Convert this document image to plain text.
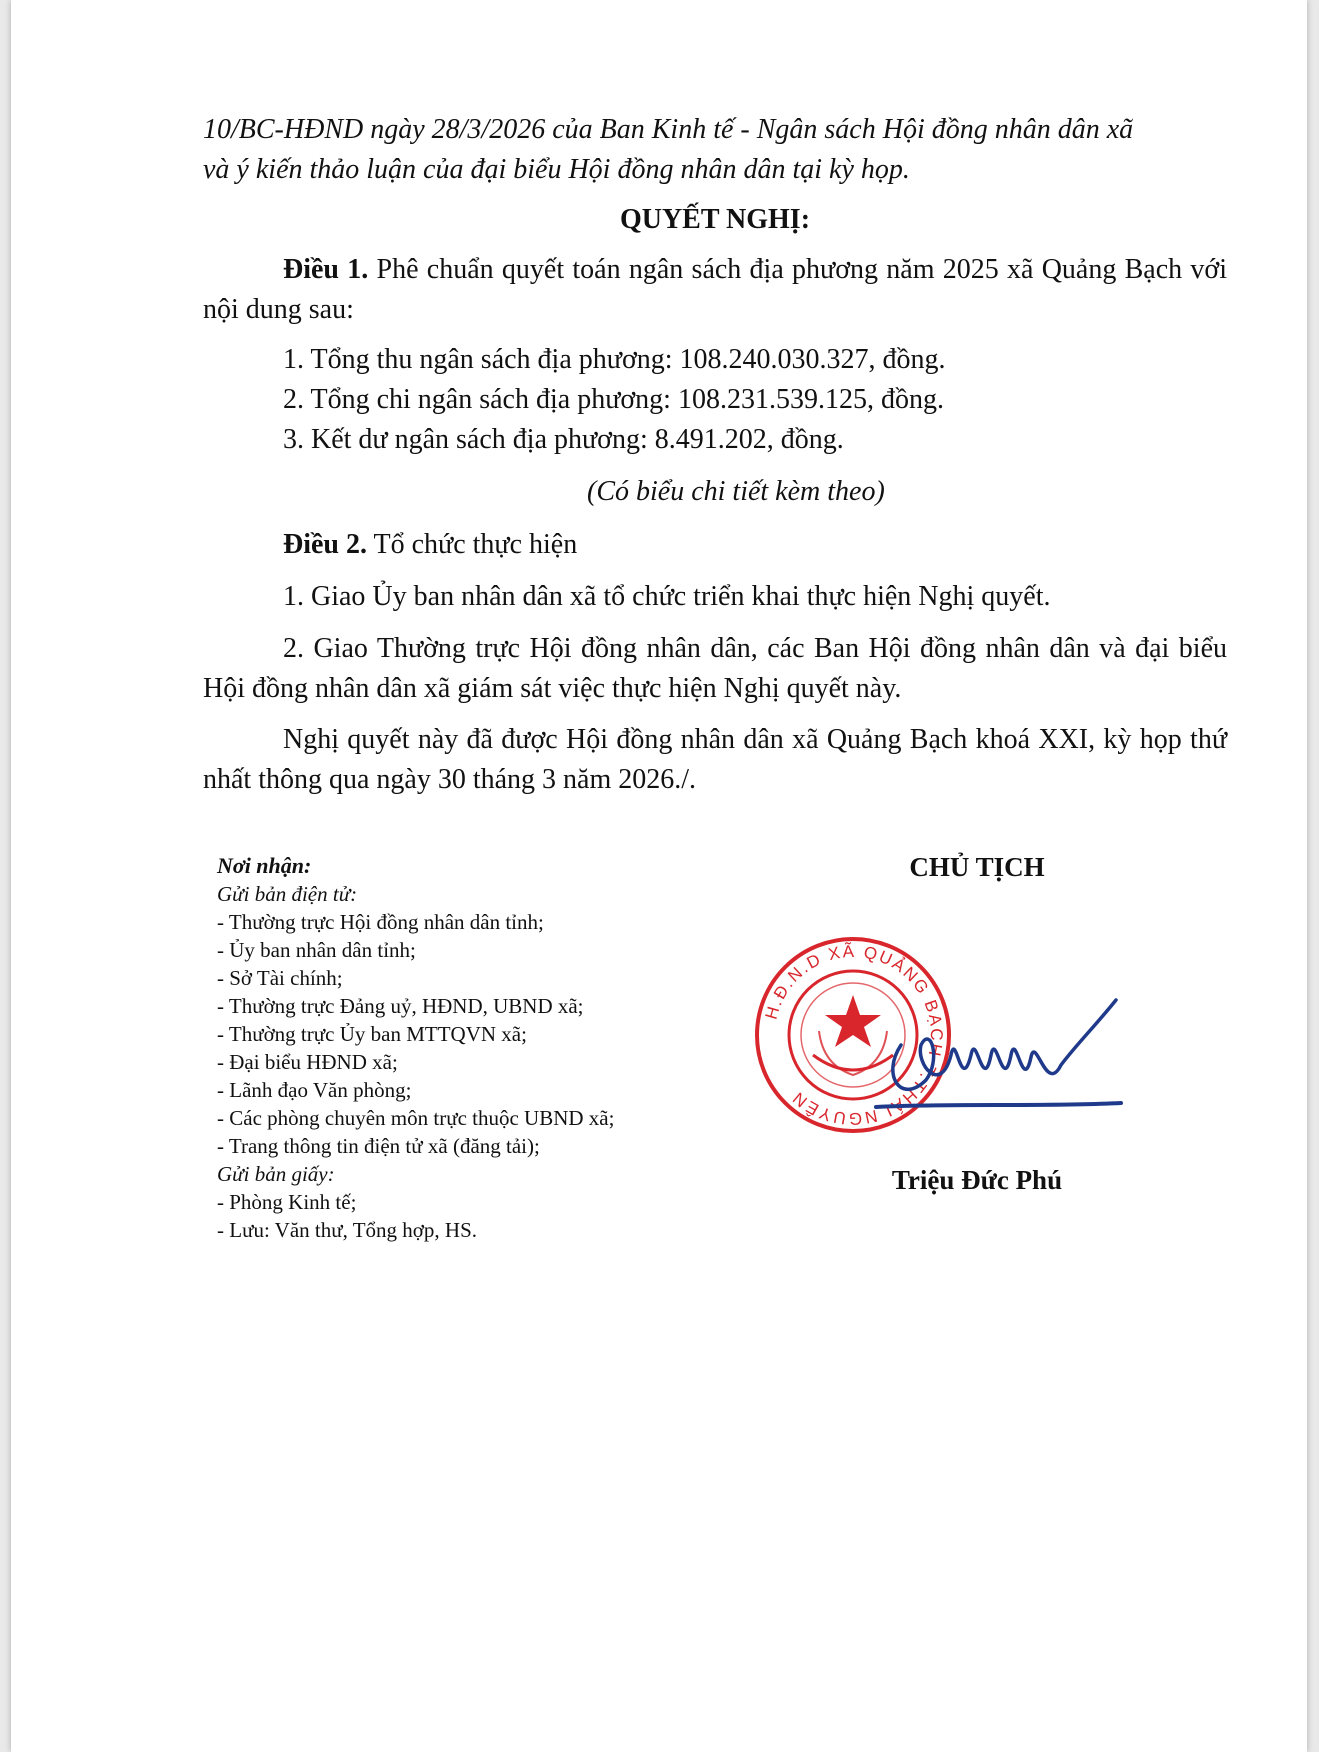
10/BC-HĐND ngày 28/3/2026 của Ban Kinh tế - Ngân sách Hội đồng nhân dân xã
và ý kiến thảo luận của đại biểu Hội đồng nhân dân tại kỳ họp.
QUYẾT NGHỊ:
Điều 1. Phê chuẩn quyết toán ngân sách địa phương năm 2025 xã Quảng Bạch với nội dung sau:
1. Tổng thu ngân sách địa phương: 108.240.030.327, đồng.
2. Tổng chi ngân sách địa phương: 108.231.539.125, đồng.
3. Kết dư ngân sách địa phương: 8.491.202, đồng.
(Có biểu chi tiết kèm theo)
Điều 2. Tổ chức thực hiện
1. Giao Ủy ban nhân dân xã tổ chức triển khai thực hiện Nghị quyết.
2. Giao Thường trực Hội đồng nhân dân, các Ban Hội đồng nhân dân và đại biểu Hội đồng nhân dân xã giám sát việc thực hiện Nghị quyết này.
Nghị quyết này đã được Hội đồng nhân dân xã Quảng Bạch khoá XXI, kỳ họp thứ nhất thông qua ngày 30 tháng 3 năm 2026./.
Nơi nhận:
Gửi bản điện tử:
- Thường trực Hội đồng nhân dân tỉnh;
- Ủy ban nhân dân tỉnh;
- Sở Tài chính;
- Thường trực Đảng uỷ, HĐND, UBND xã;
- Thường trực Ủy ban MTTQVN xã;
- Đại biểu HĐND xã;
- Lãnh đạo Văn phòng;
- Các phòng chuyên môn trực thuộc UBND xã;
- Trang thông tin điện tử xã (đăng tải);
Gửi bản giấy:
- Phòng Kinh tế;
- Lưu: Văn thư, Tổng hợp, HS.
CHỦ TỊCH
H.Đ.N.D XÃ QUẢNG BẠCH T.THÁI NGUYÊN
Triệu Đức Phú
